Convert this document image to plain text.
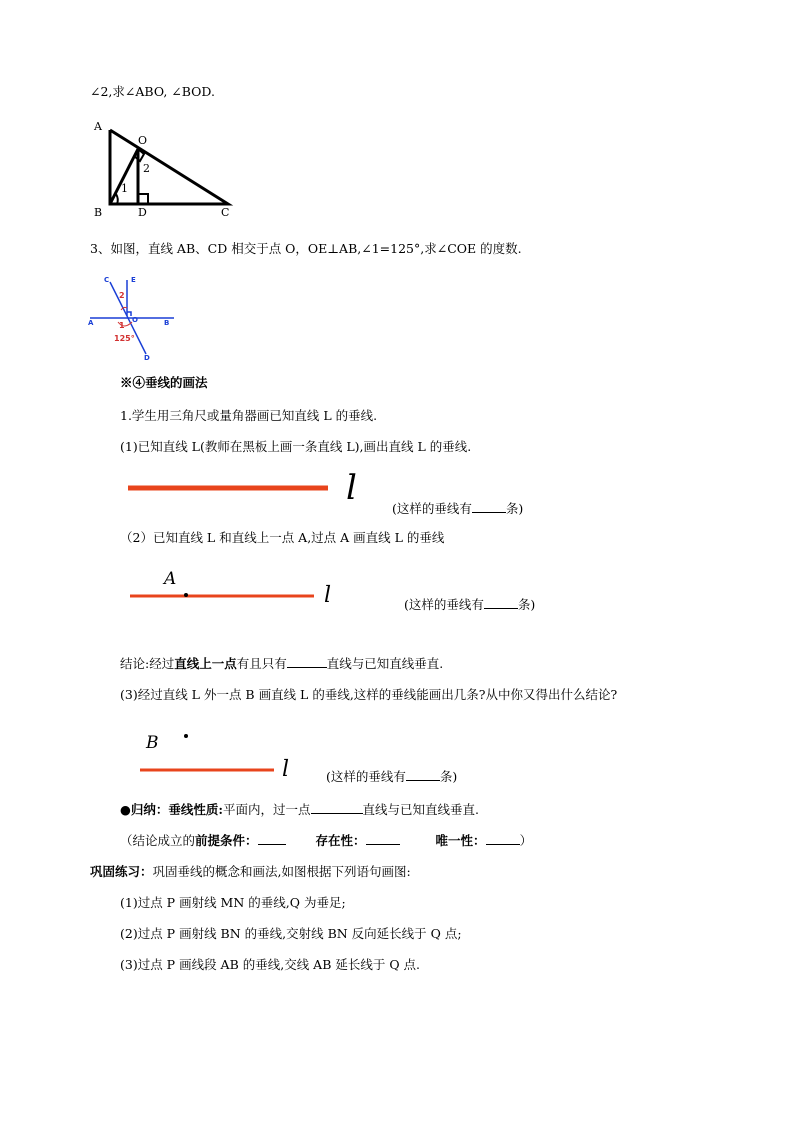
∠2,求∠ABO, ∠BOD.
A
O
B	D	C
1
2
3、如图，直线 AB、CD 相交于点 O，OE⊥AB,∠1=125°,求∠COE 的度数.
C	E
A	B
D
O
1
2
125°
※④垂线的画法
1.学生用三角尺或量角器画已知直线 L 的垂线.
(1)已知直线 L(教师在黑板上画一条直线 L),画出直线 L 的垂线.
l
(这样的垂线有	条)
（2）已知直线 L 和直线上一点 A,过点 A 画直线 L 的垂线
A
l	(这样的垂线有	条)
结论:经过直线上一点有且只有	直线与已知直线垂直.
(3)经过直线 L 外一点 B 画直线 L 的垂线,这样的垂线能画出几条?从中你又得出什么结论?
B
l	(这样的垂线有	条)
●归纳：垂线性质:平面内，过一点	直线与已知直线垂直.
（结论成立的前提条件：	存在性：	唯一性：	）
巩固练习：巩固垂线的概念和画法,如图根据下列语句画图:
(1)过点 P 画射线 MN 的垂线,Q 为垂足;
(2)过点 P 画射线 BN 的垂线,交射线 BN 反向延长线于 Q 点;
(3)过点 P 画线段 AB 的垂线,交线 AB 延长线于 Q 点.
